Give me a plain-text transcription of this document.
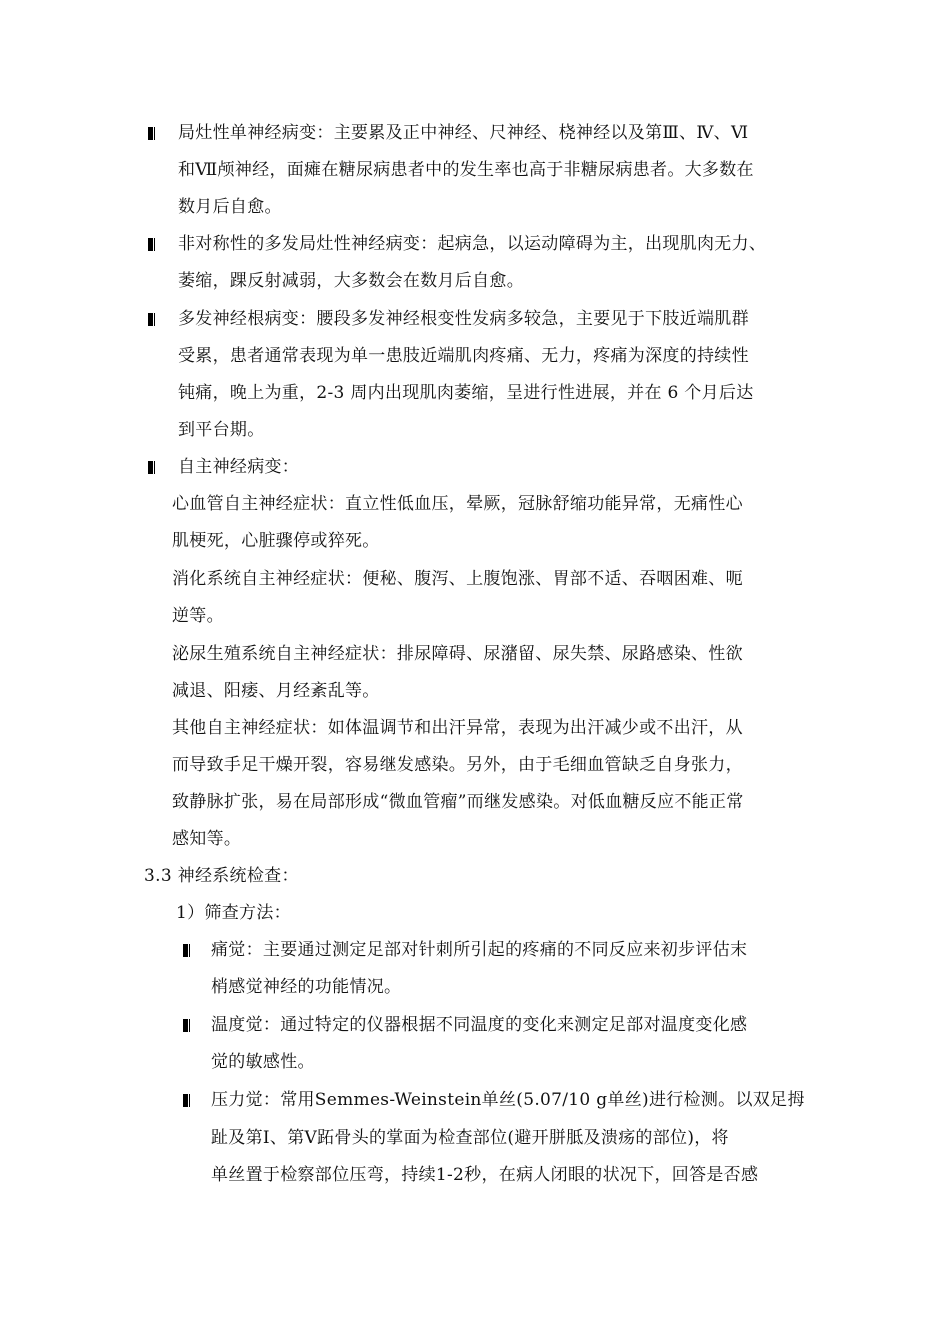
局灶性单神经病变：主要累及正中神经、尺神经、桡神经以及第Ⅲ、Ⅳ、Ⅵ
和Ⅶ颅神经，面瘫在糖尿病患者中的发生率也高于非糖尿病患者。大多数在
数月后自愈。
非对称性的多发局灶性神经病变：起病急，以运动障碍为主，出现肌肉无力、
萎缩，踝反射减弱，大多数会在数月后自愈。
多发神经根病变：腰段多发神经根变性发病多较急，主要见于下肢近端肌群
受累，患者通常表现为单一患肢近端肌肉疼痛、无力，疼痛为深度的持续性
钝痛，晚上为重，2-3 周内出现肌肉萎缩，呈进行性进展，并在 6 个月后达
到平台期。
自主神经病变：
心血管自主神经症状：直立性低血压，晕厥，冠脉舒缩功能异常，无痛性心
肌梗死，心脏骤停或猝死。
消化系统自主神经症状：便秘、腹泻、上腹饱涨、胃部不适、吞咽困难、呃
逆等。
泌尿生殖系统自主神经症状：排尿障碍、尿潴留、尿失禁、尿路感染、性欲
减退、阳痿、月经紊乱等。
其他自主神经症状：如体温调节和出汗异常，表现为出汗减少或不出汗，从
而导致手足干燥开裂，容易继发感染。另外，由于毛细血管缺乏自身张力，
致静脉扩张，易在局部形成“微血管瘤”而继发感染。对低血糖反应不能正常
感知等。
3.3 神经系统检查：
1）筛查方法：
痛觉：主要通过测定足部对针刺所引起的疼痛的不同反应来初步评估末
梢感觉神经的功能情况。
温度觉：通过特定的仪器根据不同温度的变化来测定足部对温度变化感
觉的敏感性。
压力觉：常用Semmes-Weinstein单丝(5.07/10 g单丝)进行检测。以双足拇
趾及第Ⅰ、第Ⅴ跖骨头的掌面为检查部位(避开胼胝及溃疡的部位)，将
单丝置于检察部位压弯，持续1-2秒，在病人闭眼的状况下，回答是否感
